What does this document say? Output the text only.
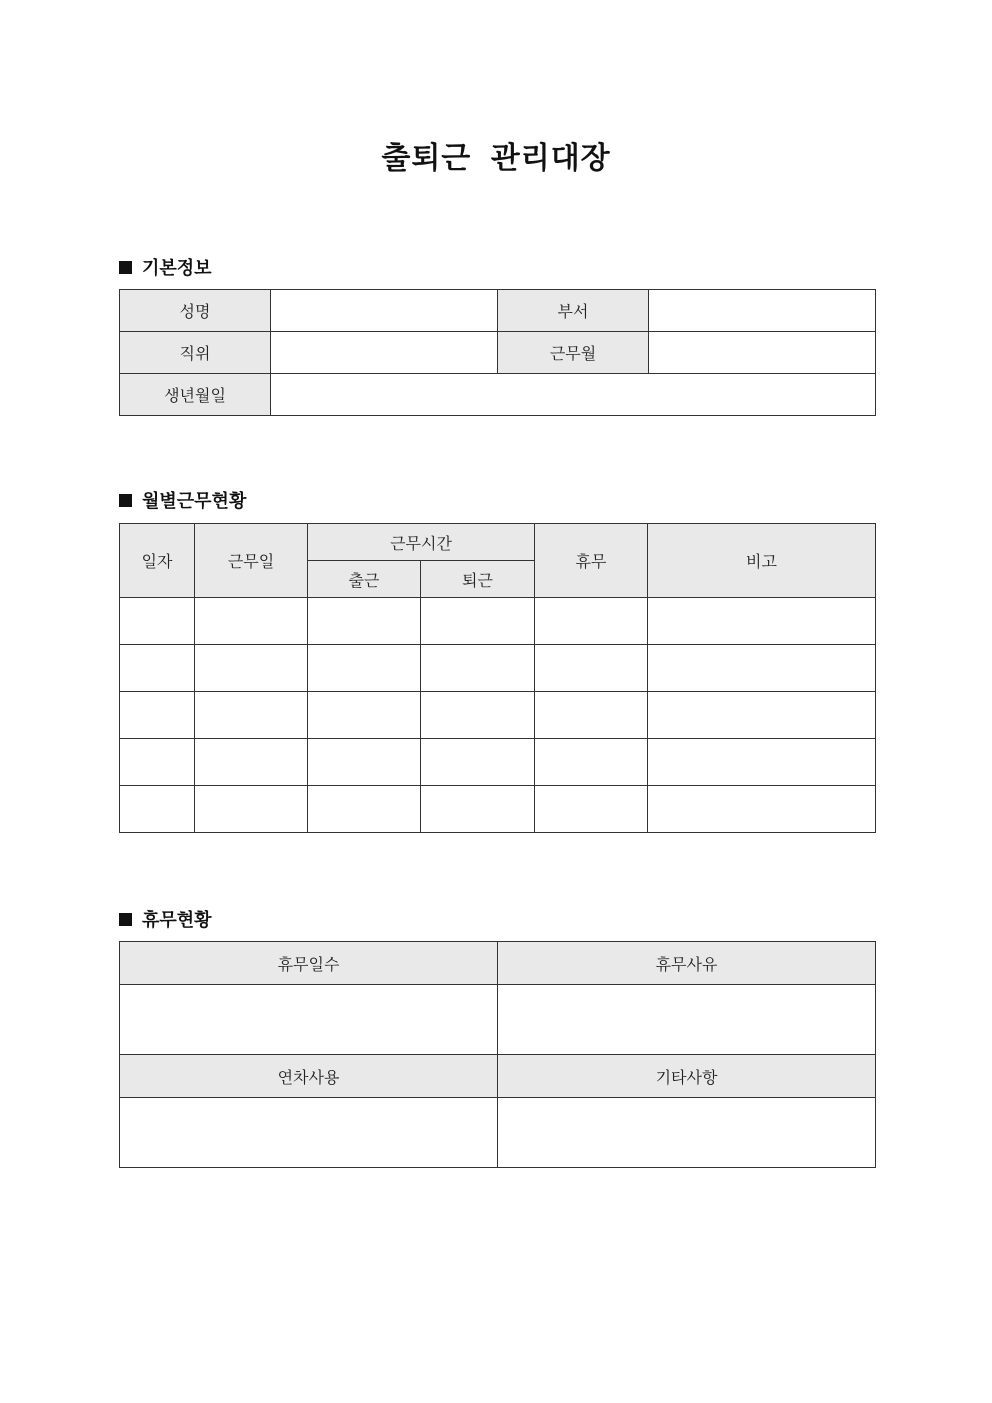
출퇴근 관리대장
기본정보
성명		부서	
직위		근무월	
생년월일			
월별근무현황
일자	근무일	근무시간		휴무	비고
		출근	퇴근		

휴무현황
휴무일수	휴무사유

연차사용	기타사항
